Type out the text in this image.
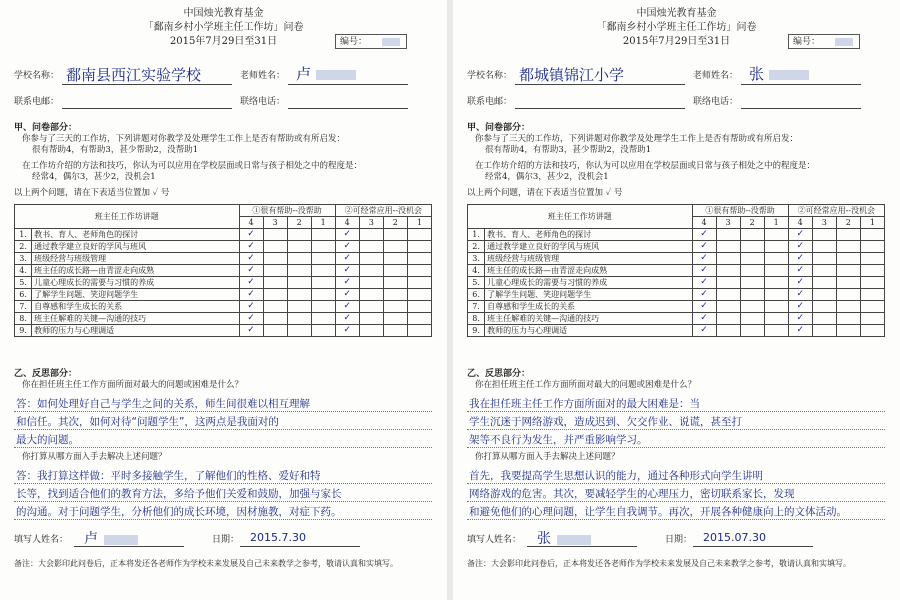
中国烛光教育基金
「鄱南乡村小学班主任工作坊」问卷
2015年7月29日至31日	编号：
学校名称： 鄱南县西江实验学校	老师姓名： 卢
联系电邮：	联络电话：
甲、问卷部分：
你参与了三天的工作坊，下列讲题对你教学及处理学生工作上是否有帮助或有所启发：
很有帮助4，有帮助3，甚少帮助2，没帮助1
在工作坊介绍的方法和技巧，你认为可以应用在学校层面或日常与孩子相处之中的程度是：
经常4，偶尔3，甚少2，没机会1
以上两个问题，请在下表适当位置加 ✓ 号
班主任工作坊讲题		①很有帮助--没帮助				②可经常应用--没机会			
		4	3	2	1	4	3	2	1
1.	教书、育人、老师角色的探讨	✓				✓			
2.	通过教学建立良好的学风与班风	✓				✓			
3.	班级经营与班级管理	✓				✓			
4.	班主任的成长路—由青涩走向成熟	✓				✓			
5.	儿童心理成长的需要与习惯的养成	✓				✓			
6.	了解学生问题、笑迎问题学生	✓				✓			
7.	自尊感和学生成长的关系	✓				✓			
8.	班主任解难的关键—沟通的技巧	✓				✓			
9.	教师的压力与心理调适	✓				✓			
乙、反思部分：
你在担任班主任工作方面所面对最大的问题或困难是什么？
答：如何处理好自己与学生之间的关系，师生间很难以相互理解
和信任。其次，如何对待“问题学生”，这两点是我面对的
最大的问题。
你打算从哪方面入手去解决上述问题？
答：我打算这样做：平时多接触学生，了解他们的性格、爱好和特
长等，找到适合他们的教育方法，多给予他们关爱和鼓励，加强与家长
的沟通。对于问题学生，分析他们的成长环境，因材施教，对症下药。
填写人姓名： 卢	日期： 2015.7.30
备注：大会影印此问卷后，正本将发还各老师作为学校未来发展及自己未来教学之参考，敬请认真和实填写。
中国烛光教育基金
「鄱南乡村小学班主任工作坊」问卷
2015年7月29日至31日	编号：
学校名称： 都城镇锦江小学	老师姓名： 张
联系电邮：	联络电话：
甲、问卷部分：
你参与了三天的工作坊，下列讲题对你教学及处理学生工作上是否有帮助或有所启发：
很有帮助4，有帮助3，甚少帮助2，没帮助1
在工作坊介绍的方法和技巧，你认为可以应用在学校层面或日常与孩子相处之中的程度是：
经常4，偶尔3，甚少2，没机会1
以上两个问题，请在下表适当位置加 ✓ 号
班主任工作坊讲题		①很有帮助--没帮助				②可经常应用--没机会			
		4	3	2	1	4	3	2	1
1.	教书、育人、老师角色的探讨	✓				✓			
2.	通过教学建立良好的学风与班风	✓				✓			
3.	班级经营与班级管理	✓				✓			
4.	班主任的成长路—由青涩走向成熟	✓				✓			
5.	儿童心理成长的需要与习惯的养成	✓				✓			
6.	了解学生问题、笑迎问题学生	✓				✓			
7.	自尊感和学生成长的关系	✓				✓			
8.	班主任解难的关键—沟通的技巧	✓				✓			
9.	教师的压力与心理调适	✓				✓			
乙、反思部分：
你在担任班主任工作方面所面对最大的问题或困难是什么？
我在担任班主任工作方面所面对的最大困难是：当
学生沉迷于网络游戏，造成迟到、欠交作业、说谎，甚至打
架等不良行为发生，并严重影响学习。
你打算从哪方面入手去解决上述问题？
首先，我要提高学生思想认识的能力，通过各种形式向学生讲明
网络游戏的危害。其次，要减轻学生的心理压力，密切联系家长，发现
和避免他们的心理问题，让学生自我调节。再次，开展各种健康向上的文体活动。
填写人姓名： 张	日期： 2015.07.30
备注：大会影印此问卷后，正本将发还各老师作为学校未来发展及自己未来教学之参考，敬请认真和实填写。
